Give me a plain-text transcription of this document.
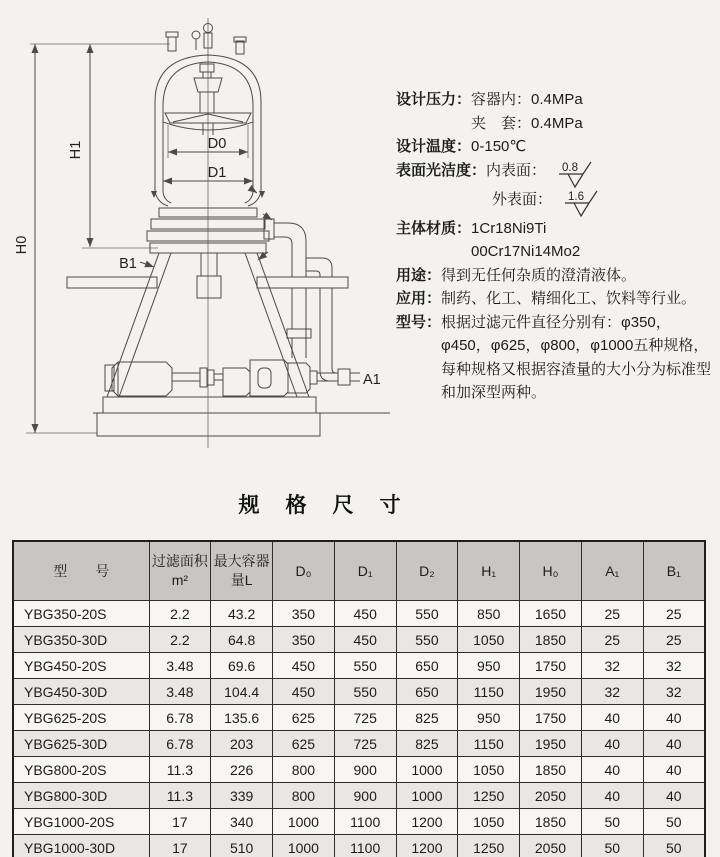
H0
H1	D0
D1
B1
A1
设计压力： 容器内：0.4MPa
夹　套：0.4MPa
设计温度： 0-150℃
表面光洁度： 内表面： 0.8
外表面： 1.6
主体材质： 1Cr18Ni9Ti
00Cr17Ni14Mo2
用途： 得到无任何杂质的澄清液体。
应用： 制药、化工、精细化工、饮料等行业。
型号： 根据过滤元件直径分别有：φ350，φ450，φ625，φ800，φ1000五种规格，每种规格又根据容渣量的大小分为标准型和加深型两种。
规格尺寸
型　　号	过滤面积m²	最大容器量L	D₀	D₁	D₂	H₁	H₀	A₁	B₁
YBG350-20S	2.2	43.2	350	450	550	850	1650	25	25
YBG350-30D	2.2	64.8	350	450	550	1050	1850	25	25
YBG450-20S	3.48	69.6	450	550	650	950	1750	32	32
YBG450-30D	3.48	104.4	450	550	650	1150	1950	32	32
YBG625-20S	6.78	135.6	625	725	825	950	1750	40	40
YBG625-30D	6.78	203	625	725	825	1150	1950	40	40
YBG800-20S	11.3	226	800	900	1000	1050	1850	40	40
YBG800-30D	11.3	339	800	900	1000	1250	2050	40	40
YBG1000-20S	17	340	1000	1100	1200	1050	1850	50	50
YBG1000-30D	17	510	1000	1100	1200	1250	2050	50	50
